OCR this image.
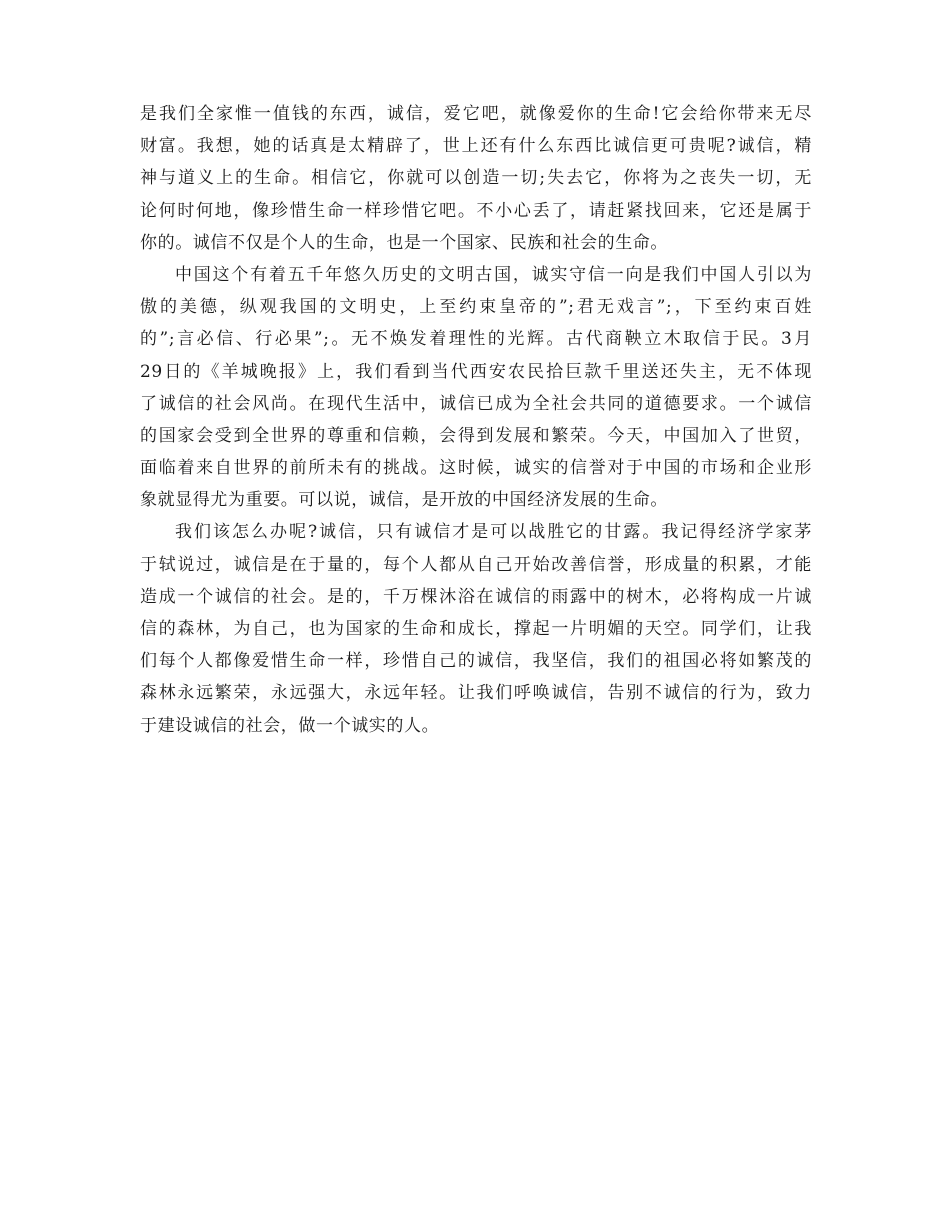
是我们全家惟一值钱的东西，诚信，爱它吧，就像爱你的生命!它会给你带来无尽
财富。我想，她的话真是太精辟了，世上还有什么东西比诚信更可贵呢?诚信，精
神与道义上的生命。相信它，你就可以创造一切;失去它，你将为之丧失一切，无
论何时何地，像珍惜生命一样珍惜它吧。不小心丢了，请赶紧找回来，它还是属于
你的。诚信不仅是个人的生命，也是一个国家、民族和社会的生命。
中国这个有着五千年悠久历史的文明古国，诚实守信一向是我们中国人引以为
傲的美德，纵观我国的文明史，上至约束皇帝的”;君无戏言”;，下至约束百姓
的”;言必信、行必果”;。无不焕发着理性的光辉。古代商鞅立木取信于民。3月
29日的《羊城晚报》上，我们看到当代西安农民拾巨款千里送还失主，无不体现
了诚信的社会风尚。在现代生活中，诚信已成为全社会共同的道德要求。一个诚信
的国家会受到全世界的尊重和信赖，会得到发展和繁荣。今天，中国加入了世贸，
面临着来自世界的前所未有的挑战。这时候，诚实的信誉对于中国的市场和企业形
象就显得尤为重要。可以说，诚信，是开放的中国经济发展的生命。
我们该怎么办呢?诚信，只有诚信才是可以战胜它的甘露。我记得经济学家茅
于轼说过，诚信是在于量的，每个人都从自己开始改善信誉，形成量的积累，才能
造成一个诚信的社会。是的，千万棵沐浴在诚信的雨露中的树木，必将构成一片诚
信的森林，为自己，也为国家的生命和成长，撑起一片明媚的天空。同学们，让我
们每个人都像爱惜生命一样，珍惜自己的诚信，我坚信，我们的祖国必将如繁茂的
森林永远繁荣，永远强大，永远年轻。让我们呼唤诚信，告别不诚信的行为，致力
于建设诚信的社会，做一个诚实的人。
